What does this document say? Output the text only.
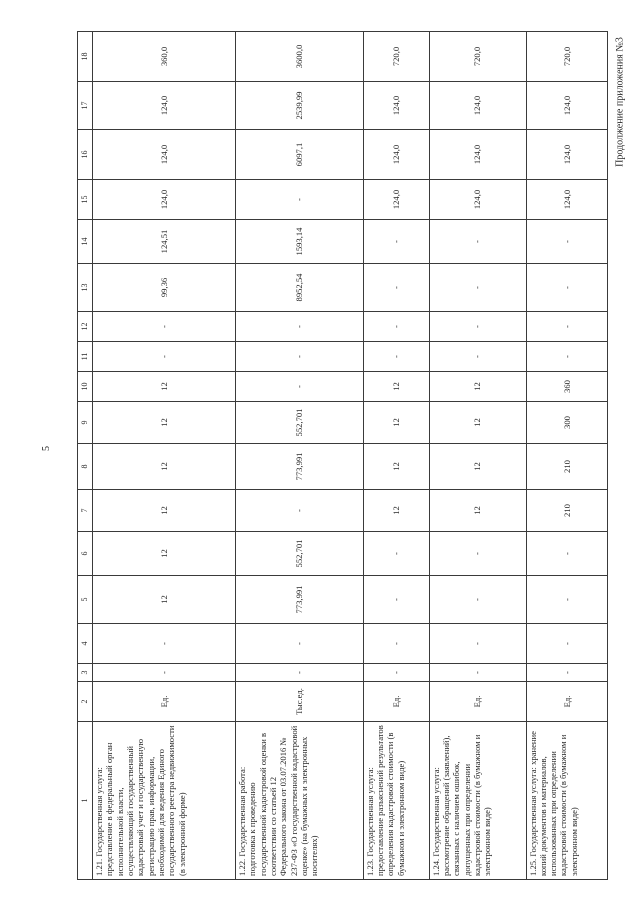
5
Продолжение приложения №3
1	2	3	4	5	6	7	8	9	10	11	12	13	14	15	16	17	18
1.21. Государственная услуга: представление в федеральный орган исполнительной власти, осуществляющий государственный кадастровый учет и государственную регистрацию прав, информации, необходимой для ведения Единого государственного реестра недвижимости (в электронной форме)	Ед.	-	-	12	12	12	12	12	12	-	-	99,36	124,51	124,0	124,0	124,0	360,0
1.22. Государственная работа: подготовка к проведению государственной кадастровой оценки в соответствии со статьей 12 Федерального закона от 03.07.2016 № 237-ФЗ «О государственной кадастровой оценке» (на бумажных и электронных носителях)	Тыс.ед.	-	-	773,991	552,701	-	773,991	552,701	-	-	-	8952,54	1593,14	-	6097,1	2539,99	3600,0
1.23. Государственная услуга: предоставление разъяснений результатов определения кадастровой стоимости (в бумажном и электронном виде)	Ед.	-	-	-	-	12	12	12	12	-	-	-	-	124,0	124,0	124,0	720,0
1.24. Государственная услуга: рассмотрение обращений (заявлений), связанных с наличием ошибок, допущенных при определении кадастровой стоимости (в бумажном и электронном виде)	Ед.	-	-	-	-	12	12	12	12	-	-	-	-	124,0	124,0	124,0	720,0
1.25. Государственная услуга: хранение копий документов и материалов, использованных при определении кадастровой стоимости (в бумажном и электронном виде)	Ед.	-	-	-	-	210	210	300	360	-	-	-	-	124,0	124,0	124,0	720,0
